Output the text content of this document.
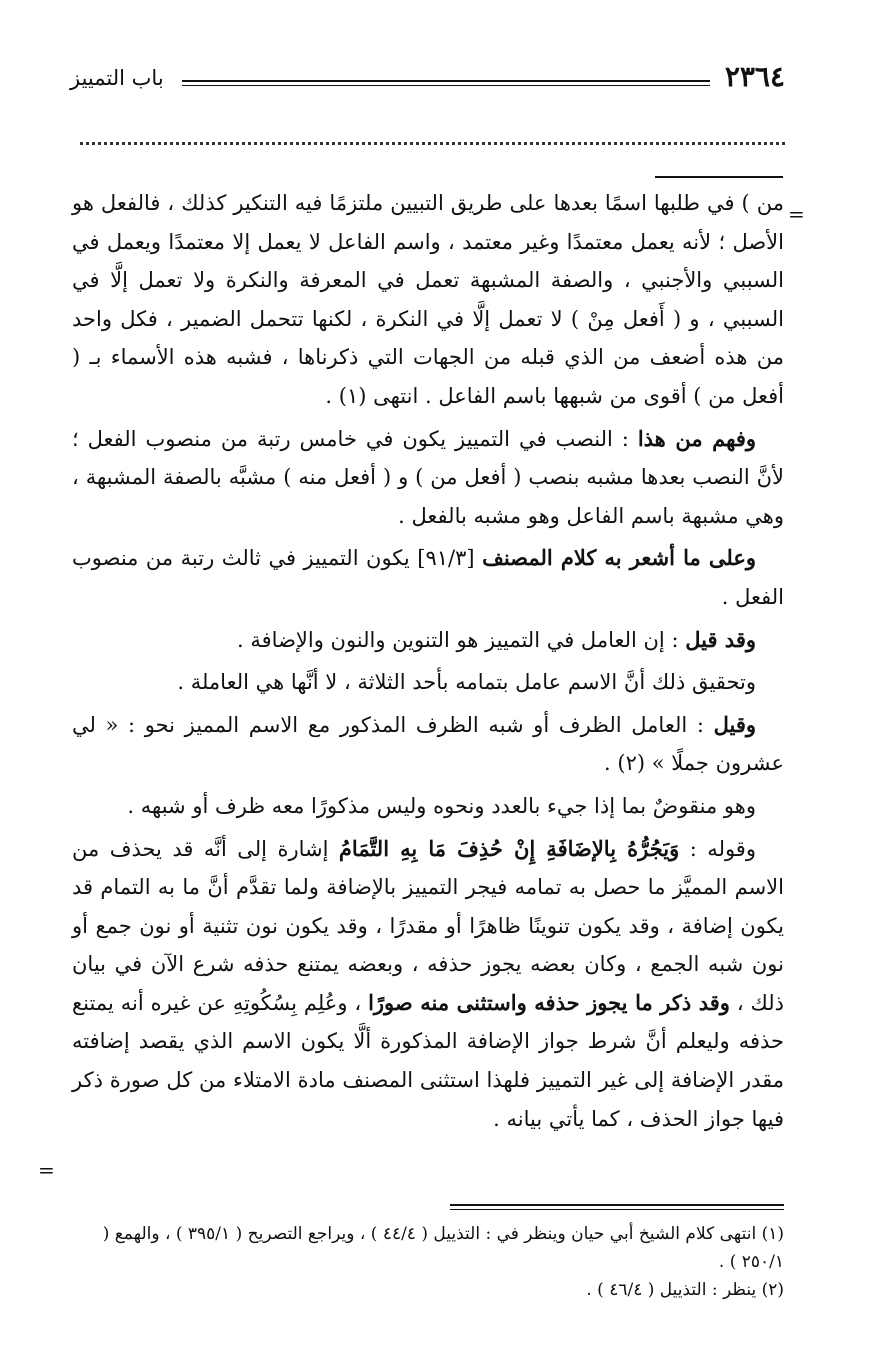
باب التمييز	٢٣٦٤
=
=

من ) في طلبها اسمًا بعدها على طريق التبيين ملتزمًا فيه التنكير كذلك ، فالفعل هو الأصل ؛ لأنه يعمل معتمدًا وغير معتمد ، واسم الفاعل لا يعمل إلا معتمدًا ويعمل في السببي والأجنبي ، والصفة المشبهة تعمل في المعرفة والنكرة ولا تعمل إلَّا في السببي ، و ( أَفعل مِنْ ) لا تعمل إلَّا في النكرة ، لكنها تتحمل الضمير ، فكل واحد من هذه أضعف من الذي قبله من الجهات التي ذكرناها ، فشبه هذه الأسماء بـ ( أفعل من ) أقوى من شبهها باسم الفاعل . انتهى (١) .

وفهم من هذا : النصب في التمييز يكون في خامس رتبة من منصوب الفعل ؛ لأنَّ النصب بعدها مشبه بنصب ( أفعل من ) و ( أفعل منه ) مشبَّه بالصفة المشبهة ، وهي مشبهة باسم الفاعل وهو مشبه بالفعل .

وعلى ما أشعر به كلام المصنف [٩١/٣] يكون التمييز في ثالث رتبة من منصوب الفعل .

وقد قيل : إن العامل في التمييز هو التنوين والنون والإضافة .

وتحقيق ذلك أنَّ الاسم عامل بتمامه بأحد الثلاثة ، لا أنَّها هي العاملة .

وقيل : العامل الظرف أو شبه الظرف المذكور مع الاسم المميز نحو : « لي عشرون جملًا » (٢) .

وهو منقوضٌ بما إذا جيء بالعدد ونحوه وليس مذكورًا معه ظرف أو شبهه .

وقوله : وَيَجُرُّهُ بِالإضَافَةِ إِنْ حُذِفَ مَا بِهِ التَّمَامُ إشارة إلى أنَّه قد يحذف من الاسم المميَّز ما حصل به تمامه فيجر التمييز بالإضافة ولما تقدَّم أنَّ ما به التمام قد يكون إضافة ، وقد يكون تنوينًا ظاهرًا أو مقدرًا ، وقد يكون نون تثنية أو نون جمع أو نون شبه الجمع ، وكان بعضه يجوز حذفه ، وبعضه يمتنع حذفه شرع الآن في بيان ذلك ، وقد ذكر ما يجوز حذفه واستثنى منه صورًا ، وعُلِم بِسُكُوتِهِ عن غيره أنه يمتنع حذفه وليعلم أنَّ شرط جواز الإضافة المذكورة ألَّا يكون الاسم الذي يقصد إضافته مقدر الإضافة إلى غير التمييز فلهذا استثنى المصنف مادة الامتلاء من كل صورة ذكر فيها جواز الحذف ، كما يأتي بيانه .

(١) انتهى كلام الشيخ أبي حيان وينظر في : التذييل ( ٤٤/٤ ) ، ويراجع التصريح ( ٣٩٥/١ ) ، والهمع ( ٢٥٠/١ ) .

(٢) ينظر : التذييل ( ٤٦/٤ ) .
